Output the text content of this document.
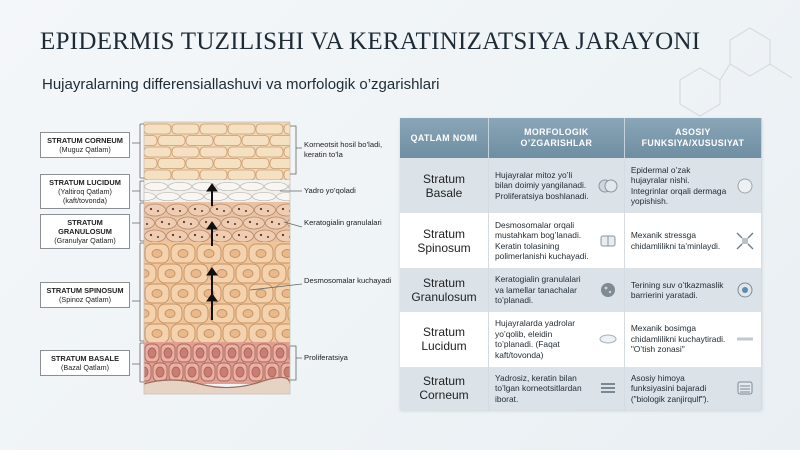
EPIDERMIS TUZILISHI VA KERATINIZATSIYA JARAYONI

Hujayralarning differensiallashuvi va morfologik o’zgarishlari

STRATUM CORNEUM
(Muguz Qatlam)
STRATUM LUCIDUM
(Yaltiroq Qatlam)
(kaft/tovonda)
STRATUM GRANULOSUM
(Granulyar Qatlam)
STRATUM SPINOSUM
(Spinoz Qatlam)
STRATUM BASALE
(Bazal Qatlam)
Korneotsit hosil bo’ladi, keratin to’la
Yadro yo’qoladi
Keratogialin granulalari
Desmosomalar kuchayadi
Proliferatsiya
QATLAM NOMI	MORFOLOGIK O’ZGARISHLAR	ASOSIY FUNKSIYA/XUSUSIYAT
Stratum Basale	Hujayralar mitoz yo’li bilan doimiy yangilanadi. Proliferatsiya boshlanadi.	Epidermal o’zak hujayralar nishi. Integrinlar orqali dermaga yopishish.

Stratum Spinosum	Desmosomalar orqali mustahkam bog’lanadi. Keratin tolasining polimerlanishi kuchayadi.	Mexanik stressga chidamlilikni ta’minlaydi.

Stratum Granulosum	Keratogialin granulalari va lamellar tanachalar to’planadi.	Terining suv o’tkazmaslik barrierini yaratadi.

Stratum Lucidum	Hujayralarda yadrolar yo’qolib, eleidin to’planadi. (Faqat kaft/tovonda)	Mexanik bosimga chidamlilikni kuchaytiradi. "O’tish zonasi"

Stratum Corneum	Yadrosiz, keratin bilan to’lgan korneotsitlardan iborat.	Asosiy himoya funksiyasini bajaradi ("biologik zanjirqulf").
